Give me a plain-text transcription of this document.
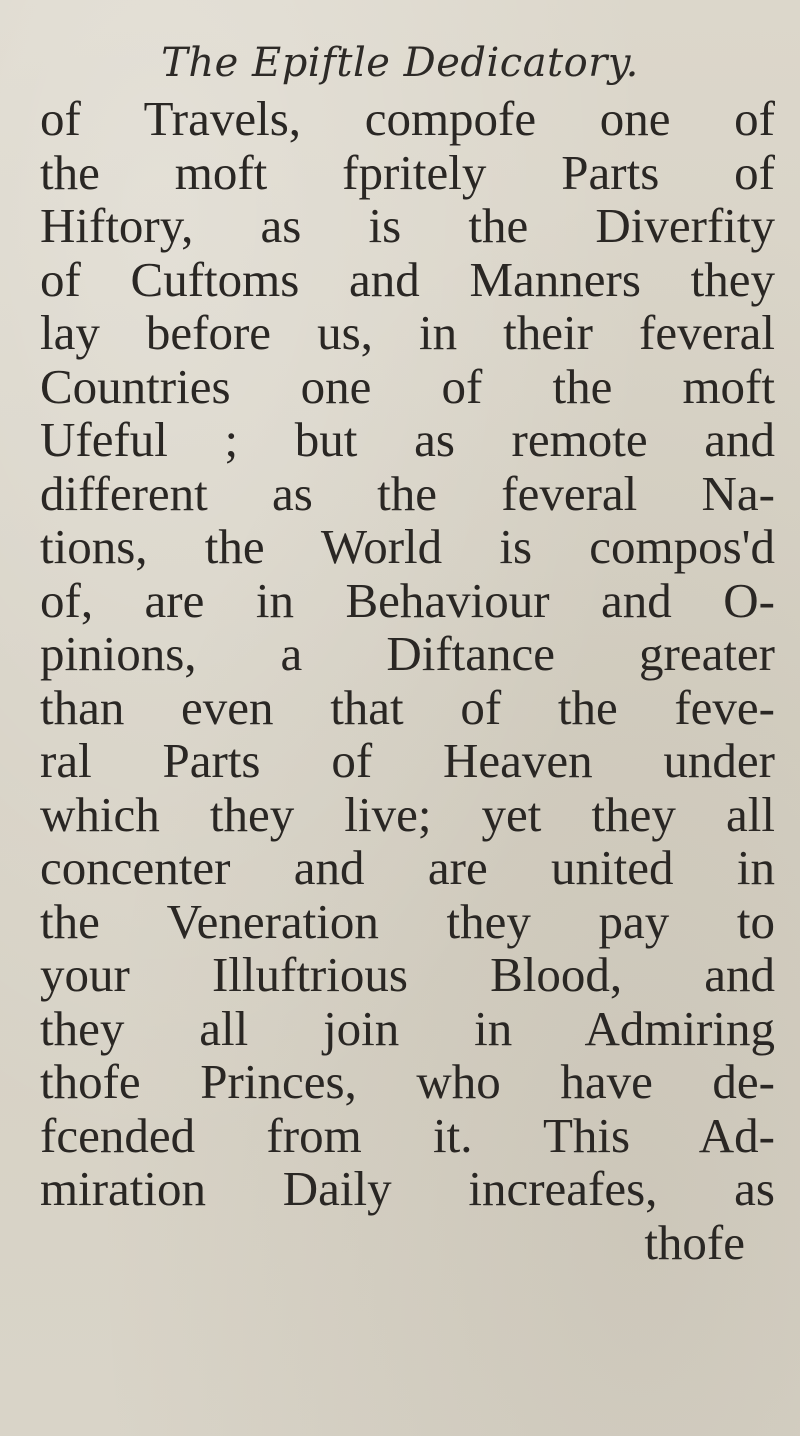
The Epiftle Dedicatory.
of Travels, compofe one of
the moft fpritely Parts of
Hiftory, as is the Diverfity
of Cuftoms and Manners they
lay before us, in their feveral
Countries one of the moft
Ufeful ; but as remote and
different as the feveral Na-
tions, the World is compos'd
of, are in Behaviour and O-
pinions, a Diftance greater
than even that of the feve-
ral Parts of Heaven under
which they live; yet they all
concenter and are united in
the Veneration they pay to
your Illuftrious Blood, and
they all join in Admiring
thofe Princes, who have de-
fcended from it. This Ad-
miration Daily increafes, as
thofe
